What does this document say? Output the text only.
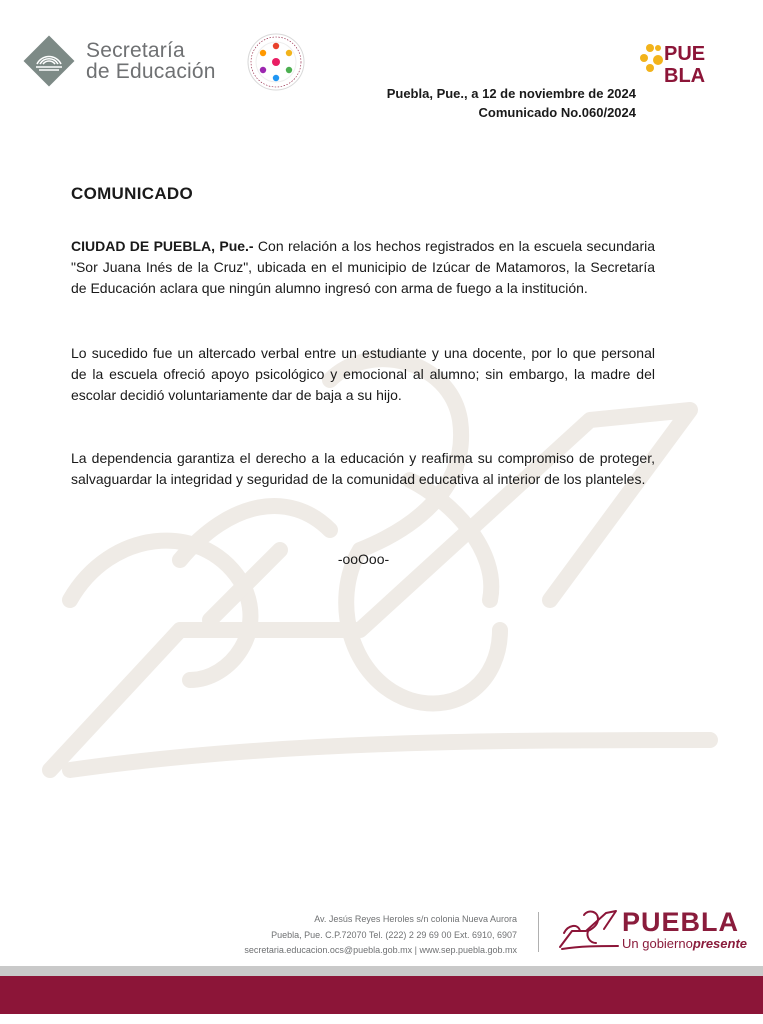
Secretaría
de Educación
PUE
BLA
Puebla, Pue., a 12 de noviembre de 2024
Comunicado No.060/2024
COMUNICADO
CIUDAD DE PUEBLA, Pue.- Con relación a los hechos registrados en la escuela secundaria "Sor Juana Inés de la Cruz", ubicada en el municipio de Izúcar de Matamoros, la Secretaría de Educación aclara que ningún alumno ingresó con arma de fuego a la institución.
Lo sucedido fue un altercado verbal entre un estudiante y una docente, por lo que personal de la escuela ofreció apoyo psicológico y emocional al alumno; sin embargo, la madre del escolar decidió voluntariamente dar de baja a su hijo.
La dependencia garantiza el derecho a la educación y reafirma su compromiso de proteger, salvaguardar la integridad y seguridad de la comunidad educativa al interior de los planteles.
-ooOoo-
Av. Jesús Reyes Heroles s/n colonia Nueva Aurora
Puebla, Pue. C.P.72070 Tel. (222) 2 29 69 00 Ext. 6910, 6907
secretaria.educacion.ocs@puebla.gob.mx | www.sep.puebla.gob.mx
PUEBLA
Un gobiernopresente
